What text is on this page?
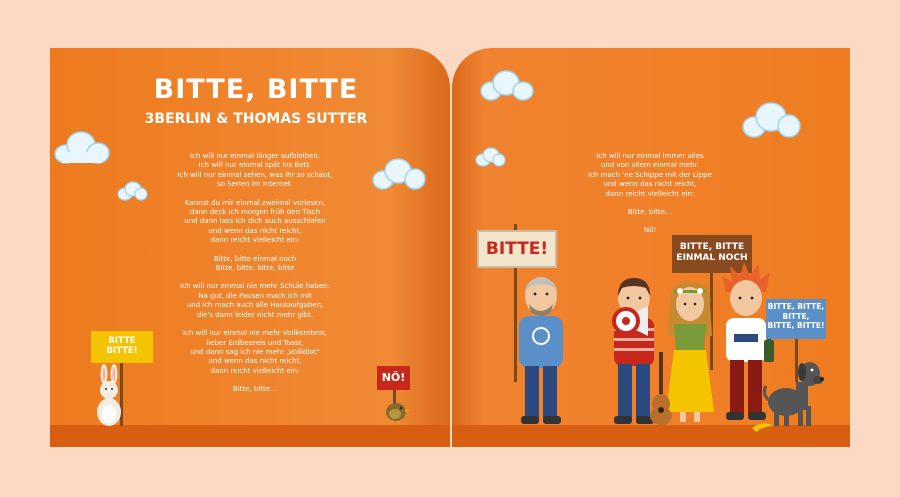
BITTE, BITTE
3BERLIN & THOMAS SUTTER

Ich will nur einmal länger aufbleiben.
Ich will nur einmal spät ins Bett.
Ich will nur einmal sehen, was ihr so schaut,
so Serien im Internet.

Kannst du mir einmal zweimal vorlesen,
dann deck ich morgen früh den Tisch
und dann lass ich dich auch ausschlafen
und wenn das nicht reicht,
dann reicht vielleicht ein:

Bitte, bitte einmal noch
Bitte, bitte, bitte, bitte

Ich will nur einmal nie mehr Schule haben.
Na gut, die Pausen mach ich mit
und ich mach auch alle Hausaufgaben,
die's dann leider nicht mehr gibt.

Ich will nur einmal nie mehr Vollkornbrot,
lieber Erdbeereis und Toast,
und dann sag ich nie mehr „Vollidiot"
und wenn das nicht reicht,
dann reicht vielleicht ein:

Bitte, bitte…

Ich will nur einmal immer alles
und von allem einmal mehr.
Ich mach 'ne Schippe mit der Lippe
und wenn das nicht reicht,
dann reicht vielleicht ein:

Bitte, bitte…

Nö!

BITTE
BITTE!
NÖ!
BITTE!	BITTE, BITTE
EINMAL NOCH
BITTE, BITTE,
BITTE,
BITTE, BITTE!
